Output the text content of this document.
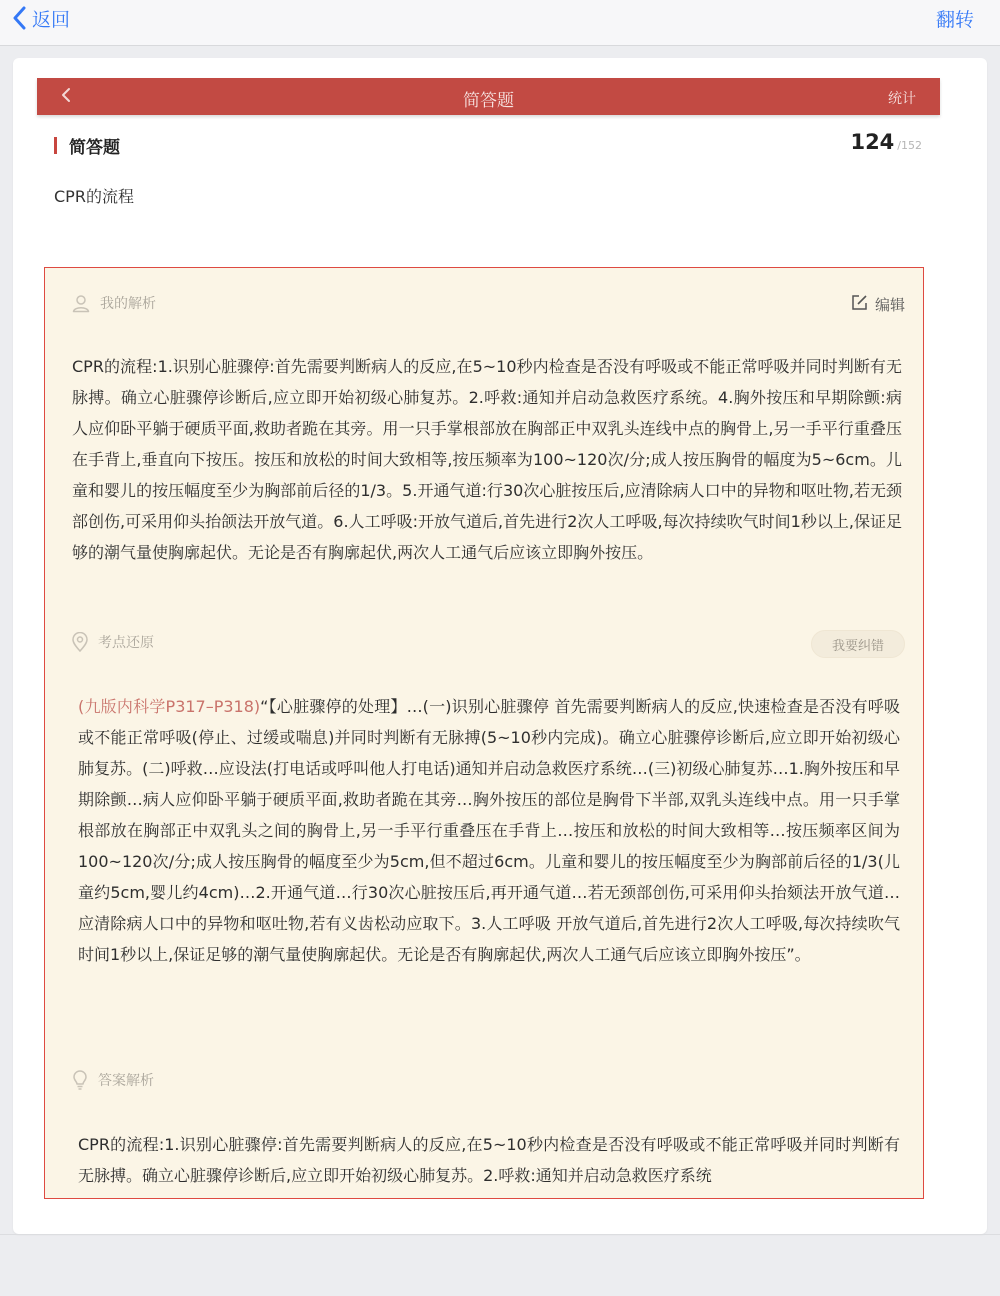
返回	翻转
简答题	统计
简答题	124 /152
CPR的流程
我的解析	编辑
CPR的流程:1.识别心脏骤停:首先需要判断病人的反应,在5~10秒内检查是否没有呼吸或不能正常呼吸并同时判断有无脉搏。确立心脏骤停诊断后,应立即开始初级心肺复苏。2.呼救:通知并启动急救医疗系统。4.胸外按压和早期除颤:病人应仰卧平躺于硬质平面,救助者跪在其旁。用一只手掌根部放在胸部正中双乳头连线中点的胸骨上,另一手平行重叠压在手背上,垂直向下按压。按压和放松的时间大致相等,按压频率为100~120次/分;成人按压胸骨的幅度为5~6cm。儿童和婴儿的按压幅度至少为胸部前后径的1/3。5.开通气道:行30次心脏按压后,应清除病人口中的异物和呕吐物,若无颈部创伤,可采用仰头抬颌法开放气道。6.人工呼吸:开放气道后,首先进行2次人工呼吸,每次持续吹气时间1秒以上,保证足够的潮气量使胸廓起伏。无论是否有胸廓起伏,两次人工通气后应该立即胸外按压。
考点还原	我要纠错
(九版内科学P317–P318)“【心脏骤停的处理】…(一)识别心脏骤停 首先需要判断病人的反应,快速检查是否没有呼吸或不能正常呼吸(停止、过缓或喘息)并同时判断有无脉搏(5~10秒内完成)。确立心脏骤停诊断后,应立即开始初级心肺复苏。(二)呼救…应设法(打电话或呼叫他人打电话)通知并启动急救医疗系统…(三)初级心肺复苏…1.胸外按压和早期除颤…病人应仰卧平躺于硬质平面,救助者跪在其旁…胸外按压的部位是胸骨下半部,双乳头连线中点。用一只手掌根部放在胸部正中双乳头之间的胸骨上,另一手平行重叠压在手背上…按压和放松的时间大致相等…按压频率区间为100~120次/分;成人按压胸骨的幅度至少为5cm,但不超过6cm。儿童和婴儿的按压幅度至少为胸部前后径的1/3(儿童约5cm,婴儿约4cm)…2.开通气道…行30次心脏按压后,再开通气道…若无颈部创伤,可采用仰头抬颏法开放气道…应清除病人口中的异物和呕吐物,若有义齿松动应取下。3.人工呼吸 开放气道后,首先进行2次人工呼吸,每次持续吹气时间1秒以上,保证足够的潮气量使胸廓起伏。无论是否有胸廓起伏,两次人工通气后应该立即胸外按压”。
答案解析
CPR的流程:1.识别心脏骤停:首先需要判断病人的反应,在5~10秒内检查是否没有呼吸或不能正常呼吸并同时判断有无脉搏。确立心脏骤停诊断后,应立即开始初级心肺复苏。2.呼救:通知并启动急救医疗系统
